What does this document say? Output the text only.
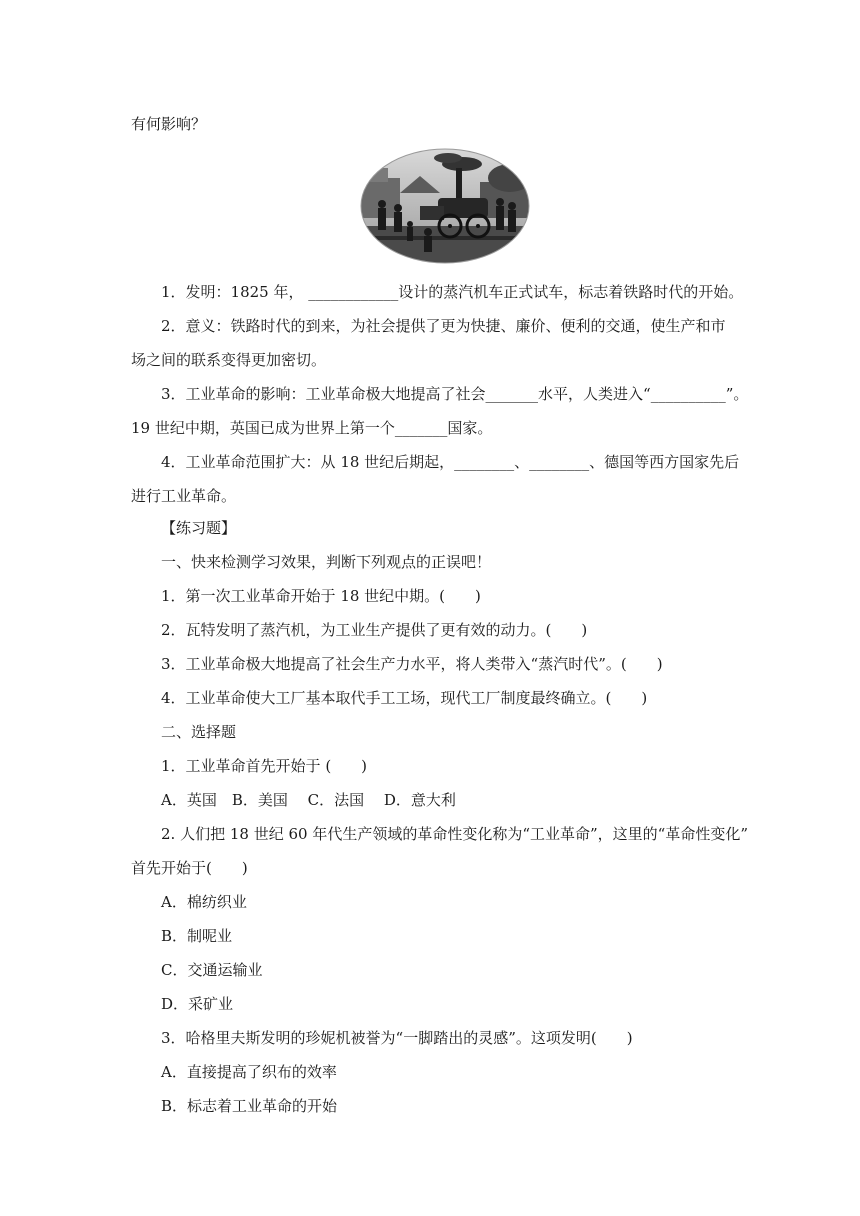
有何影响？
1．发明：1825 年， ____________设计的蒸汽机车正式试车，标志着铁路时代的开始。
2．意义：铁路时代的到来，为社会提供了更为快捷、廉价、便利的交通，使生产和市
场之间的联系变得更加密切。
3．工业革命的影响：工业革命极大地提高了社会_______水平，人类进入“__________”。
19 世纪中期，英国已成为世界上第一个_______国家。
4．工业革命范围扩大：从 18 世纪后期起，________、________、德国等西方国家先后
进行工业革命。
【练习题】
一、快来检测学习效果，判断下列观点的正误吧！
1．第一次工业革命开始于 18 世纪中期。(　　)
2．瓦特发明了蒸汽机，为工业生产提供了更有效的动力。(　　)
3．工业革命极大地提高了社会生产力水平，将人类带入“蒸汽时代”。(　　)
4．工业革命使大工厂基本取代手工工场，现代工厂制度最终确立。(　　)
二、选择题
1．工业革命首先开始于 (　　)
A．英国　B．美国　 C．法国　 D．意大利
2. 人们把 18 世纪 60 年代生产领域的革命性变化称为“工业革命”，这里的“革命性变化”
首先开始于(　　)
A．棉纺织业
B．制呢业
C．交通运输业
D．采矿业
3．哈格里夫斯发明的珍妮机被誉为“一脚踏出的灵感”。这项发明(　　)
A．直接提高了织布的效率
B．标志着工业革命的开始
